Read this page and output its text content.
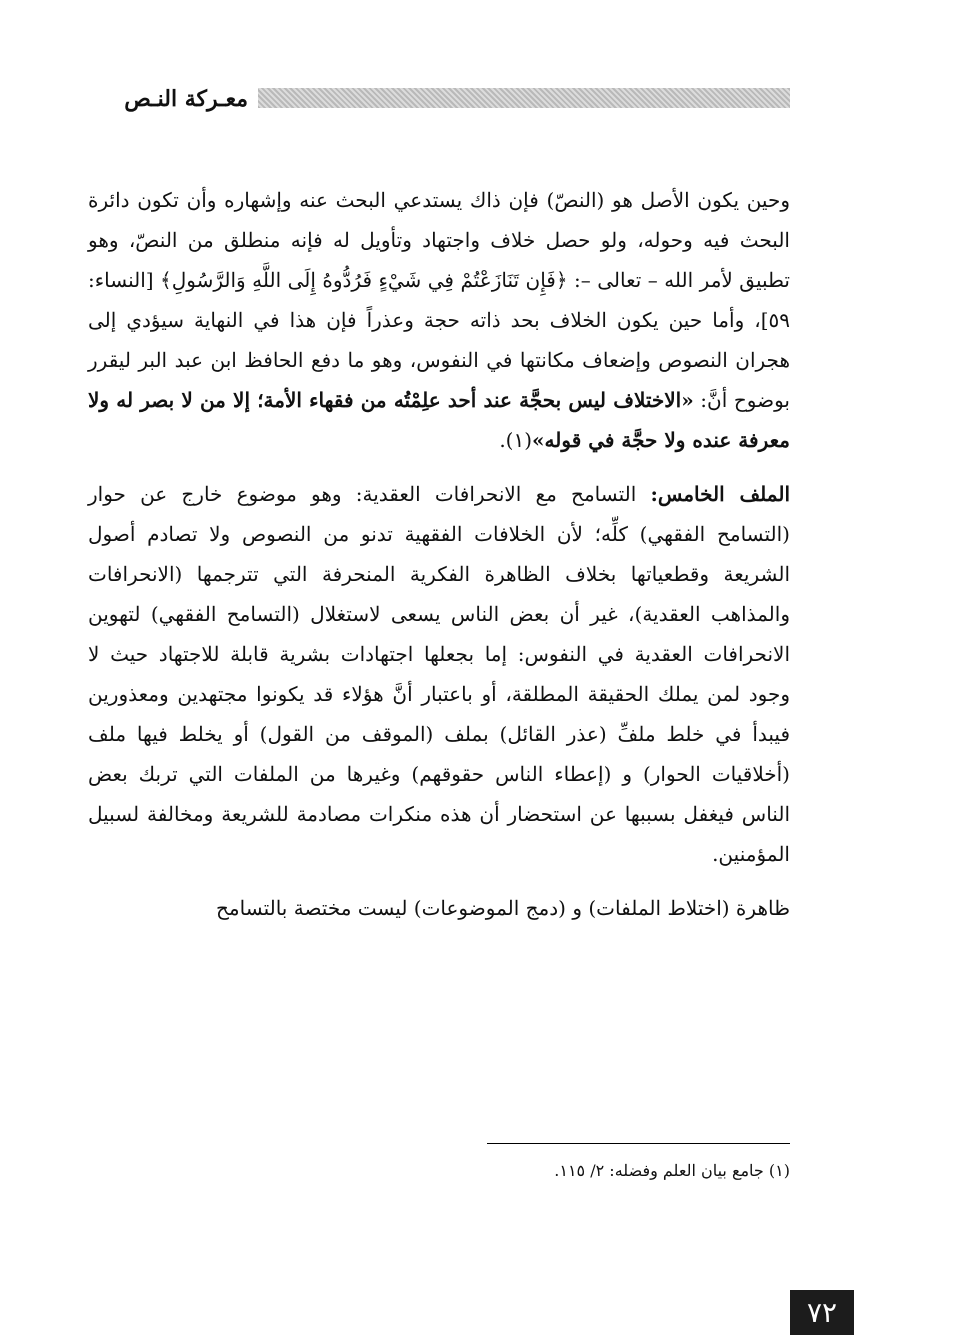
معـركة النـص

وحين يكون الأصل هو (النصّ) فإن ذاك يستدعي البحث عنه وإشهاره وأن تكون دائرة البحث فيه وحوله، ولو حصل خلاف واجتهاد وتأويل له فإنه منطلق من النصّ، وهو تطبيق لأمر الله – تعالى –: ﴿فَإِن تَنَازَعْتُمْ فِي شَيْءٍ فَرُدُّوهُ إِلَى اللَّهِ وَالرَّسُولِ﴾ [النساء: ٥٩]، وأما حين يكون الخلاف بحد ذاته حجة وعذراً فإن هذا في النهاية سيؤدي إلى هجران النصوص وإضعاف مكانتها في النفوس، وهو ما دفع الحافظ ابن عبد البر ليقرر بوضوح أنَّ: «الاختلاف ليس بحجَّة عند أحد علِمْتُه من فقهاء الأمة؛ إلا من لا بصر له ولا معرفة عنده ولا حجَّة في قوله»(١).

الملف الخامس: التسامح مع الانحرافات العقدية: وهو موضوع خارج عن حوار (التسامح الفقهي) كلِّه؛ لأن الخلافات الفقهية تدنو من النصوص ولا تصادم أصول الشريعة وقطعياتها بخلاف الظاهرة الفكرية المنحرفة التي تترجمها (الانحرافات والمذاهب العقدية)، غير أن بعض الناس يسعى لاستغلال (التسامح الفقهي) لتهوين الانحرافات العقدية في النفوس: إما بجعلها اجتهادات بشرية قابلة للاجتهاد حيث لا وجود لمن يملك الحقيقة المطلقة، أو باعتبار أنَّ هؤلاء قد يكونوا مجتهدين ومعذورين فيبدأ في خلط ملفِّ (عذر القائل) بملف (الموقف من القول) أو يخلط فيها ملف (أخلاقيات الحوار) و (إعطاء الناس حقوقهم) وغيرها من الملفات التي تربك بعض الناس فيغفل بسببها عن استحضار أن هذه منكرات مصادمة للشريعة ومخالفة لسبيل المؤمنين.

ظاهرة (اختلاط الملفات) و (دمج الموضوعات) ليست مختصة بالتسامح

(١) جامع بيان العلم وفضله: ٢/ ١١٥.
٧٢
